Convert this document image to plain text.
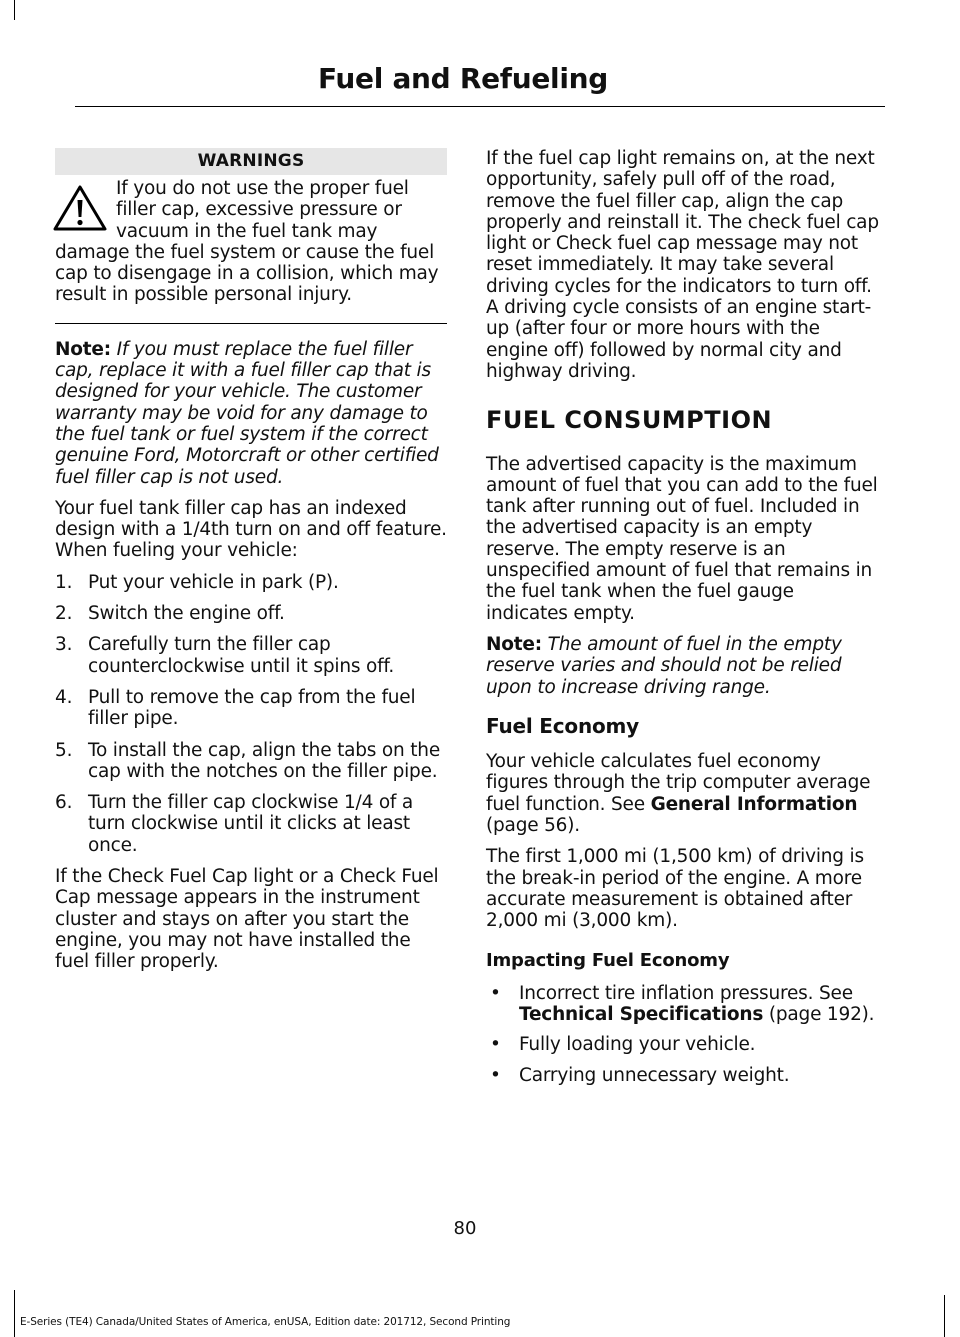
Fuel and Refueling
WARNINGS

If you do not use the proper fuel filler cap, excessive pressure or vacuum in the fuel tank may damage the fuel system or cause the fuel cap to disengage in a collision, which may result in possible personal injury.

Note: If you must replace the fuel filler cap, replace it with a fuel filler cap that is designed for your vehicle. The customer warranty may be void for any damage to the fuel tank or fuel system if the correct genuine Ford, Motorcraft or other certified fuel filler cap is not used.

Your fuel tank filler cap has an indexed design with a 1/4th turn on and off feature. When fueling your vehicle:

1. Put your vehicle in park (P).
2. Switch the engine off.
3. Carefully turn the filler cap counterclockwise until it spins off.
4. Pull to remove the cap from the fuel filler pipe.
5. To install the cap, align the tabs on the cap with the notches on the filler pipe.
6. Turn the filler cap clockwise 1/4 of a turn clockwise until it clicks at least once.

If the Check Fuel Cap light or a Check Fuel Cap message appears in the instrument cluster and stays on after you start the engine, you may not have installed the fuel filler properly.

If the fuel cap light remains on, at the next opportunity, safely pull off of the road, remove the fuel filler cap, align the cap properly and reinstall it. The check fuel cap light or Check fuel cap message may not reset immediately. It may take several driving cycles for the indicators to turn off. A driving cycle consists of an engine start-up (after four or more hours with the engine off) followed by normal city and highway driving.

FUEL CONSUMPTION

The advertised capacity is the maximum amount of fuel that you can add to the fuel tank after running out of fuel. Included in the advertised capacity is an empty reserve. The empty reserve is an unspecified amount of fuel that remains in the fuel tank when the fuel gauge indicates empty.

Note: The amount of fuel in the empty reserve varies and should not be relied upon to increase driving range.

Fuel Economy

Your vehicle calculates fuel economy figures through the trip computer average fuel function. See General Information (page 56).

The first 1,000 mi (1,500 km) of driving is the break-in period of the engine. A more accurate measurement is obtained after 2,000 mi (3,000 km).

Impacting Fuel Economy
• Incorrect tire inflation pressures. See Technical Specifications (page 192).
• Fully loading your vehicle.
• Carrying unnecessary weight.
80
E-Series (TE4) Canada/United States of America, enUSA, Edition date: 201712, Second Printing
